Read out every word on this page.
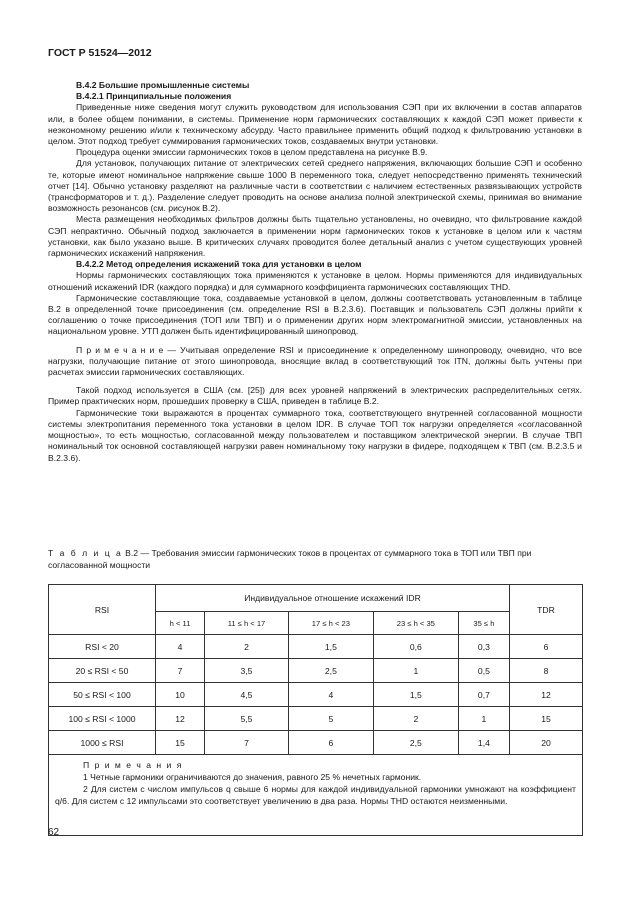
ГОСТ Р 51524—2012

В.4.2 Большие промышленные системы

В.4.2.1 Принципиальные положения

Приведенные ниже сведения могут служить руководством для использования СЭП при их включении в состав аппаратов или, в более общем понимании, в системы. Применение норм гармонических составляющих к каждой СЭП может привести к неэкономному решению и/или к техническому абсурду. Часто правильнее применить общий подход к фильтрованию установки в целом. Этот подход требует суммирования гармонических токов, создаваемых внутри установки.

Процедура оценки эмиссии гармонических токов в целом представлена на рисунке В.9.

Для установок, получающих питание от электрических сетей среднего напряжения, включающих большие СЭП и особенно те, которые имеют номинальное напряжение свыше 1000 В переменного тока, следует непосредственно применять технический отчет [14]. Обычно установку разделяют на различные части в соответствии с наличием естественных развязывающих устройств (трансформаторов и т. д.). Разделение следует проводить на основе анализа полной электрической схемы, принимая во внимание возможность резонансов (см. рисунок В.2).

Места размещения необходимых фильтров должны быть тщательно установлены, но очевидно, что фильтрование каждой СЭП непрактично. Обычный подход заключается в применении норм гармонических токов к установке в целом или к частям установки, как было указано выше. В критических случаях проводится более детальный анализ с учетом существующих уровней гармонических искажений напряжения.

В.4.2.2 Метод определения искажений тока для установки в целом

Нормы гармонических составляющих тока применяются к установке в целом. Нормы применяются для индивидуальных отношений искажений IDR (каждого порядка) и для суммарного коэффициента гармонических составляющих THD.

Гармонические составляющие тока, создаваемые установкой в целом, должны соответствовать установленным в таблице В.2 в определенной точке присоединения (см. определение RSI в В.2.3.6). Поставщик и пользователь СЭП должны прийти к соглашению о точке присоединения (ТОП или ТВП) и о применении других норм электромагнитной эмиссии, установленных на национальном уровне. УТП должен быть идентифицированный шинопровод.

П р и м е ч а н и е — Учитывая определение RSI и присоединение к определенному шинопроводу, очевидно, что все нагрузки, получающие питание от этого шинопровода, вносящие вклад в соответствующий ток ITN, должны быть учтены при расчетах эмиссии гармонических составляющих.

Такой подход используется в США (см. [25]) для всех уровней напряжений в электрических распределительных сетях. Пример практических норм, прошедших проверку в США, приведен в таблице В.2.

Гармонические токи выражаются в процентах суммарного тока, соответствующего внутренней согласованной мощности системы электропитания переменного тока установки в целом IDR. В случае ТОП ток нагрузки определяется «согласованной мощностью», то есть мощностью, согласованной между пользователем и поставщиком электрической энергии. В случае ТВП номинальный ток основной составляющей нагрузки равен номинальному току нагрузки в фидере, подходящем к ТВП (см. В.2.3.5 и В.2.3.6).

Т а б л и ц а В.2 — Требования эмиссии гармонических токов в процентах от суммарного тока в ТОП или ТВП при согласованной мощности
RSI	Индивидуальное отношение искажений IDR					TDR
	h < 11	11 ≤ h < 17	17 ≤ h < 23	23 ≤ h < 35	35 ≤ h	
RSI < 20	4	2	1,5	0,6	0,3	6
20 ≤ RSI < 50	7	3,5	2,5	1	0,5	8
50 ≤ RSI < 100	10	4,5	4	1,5	0,7	12
100 ≤ RSI < 1000	12	5,5	5	2	1	15
1000 ≤ RSI	15	7	6	2,5	1,4	20

П р и м е ч а н и я

1 Четные гармоники ограничиваются до значения, равного 25 % нечетных гармоник.

2 Для систем с числом импульсов q свыше 6 нормы для каждой индивидуальной гармоники умножают на коэффициент q/6. Для систем с 12 импульсами это соответствует увеличению в два раза. Нормы THD остаются неизменными.						

62
